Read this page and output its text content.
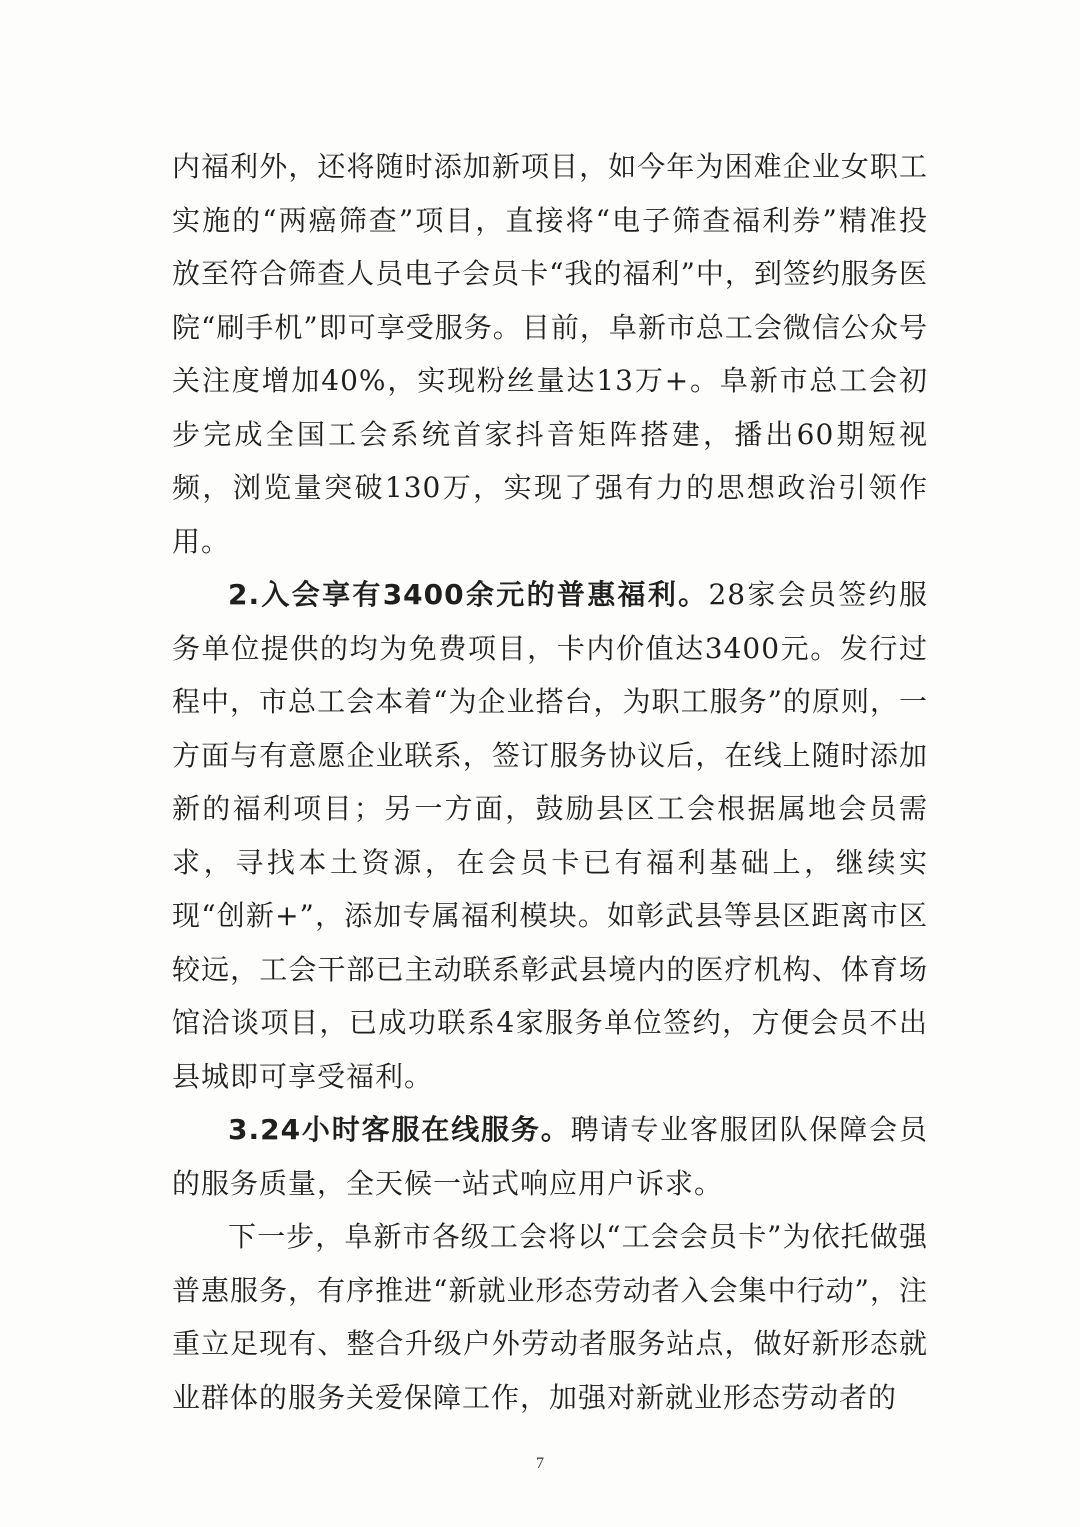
内福利外，还将随时添加新项目，如今年为困难企业女职工实施的“两癌筛查”项目，直接将“电子筛查福利券”精准投放至符合筛查人员电子会员卡“我的福利”中，到签约服务医院“刷手机”即可享受服务。目前，阜新市总工会微信公众号关注度增加40%，实现粉丝量达13万+。阜新市总工会初步完成全国工会系统首家抖音矩阵搭建，播出60期短视频，浏览量突破130万，实现了强有力的思想政治引领作用。

2.入会享有3400余元的普惠福利。28家会员签约服务单位提供的均为免费项目，卡内价值达3400元。发行过程中，市总工会本着“为企业搭台，为职工服务”的原则，一方面与有意愿企业联系，签订服务协议后，在线上随时添加新的福利项目；另一方面，鼓励县区工会根据属地会员需求，寻找本土资源，在会员卡已有福利基础上，继续实现“创新+”，添加专属福利模块。如彰武县等县区距离市区较远，工会干部已主动联系彰武县境内的医疗机构、体育场馆洽谈项目，已成功联系4家服务单位签约，方便会员不出县城即可享受福利。

3.24小时客服在线服务。聘请专业客服团队保障会员的服务质量，全天候一站式响应用户诉求。

下一步，阜新市各级工会将以“工会会员卡”为依托做强普惠服务，有序推进“新就业形态劳动者入会集中行动”，注重立足现有、整合升级户外劳动者服务站点，做好新形态就业群体的服务关爱保障工作，加强对新就业形态劳动者的

7
